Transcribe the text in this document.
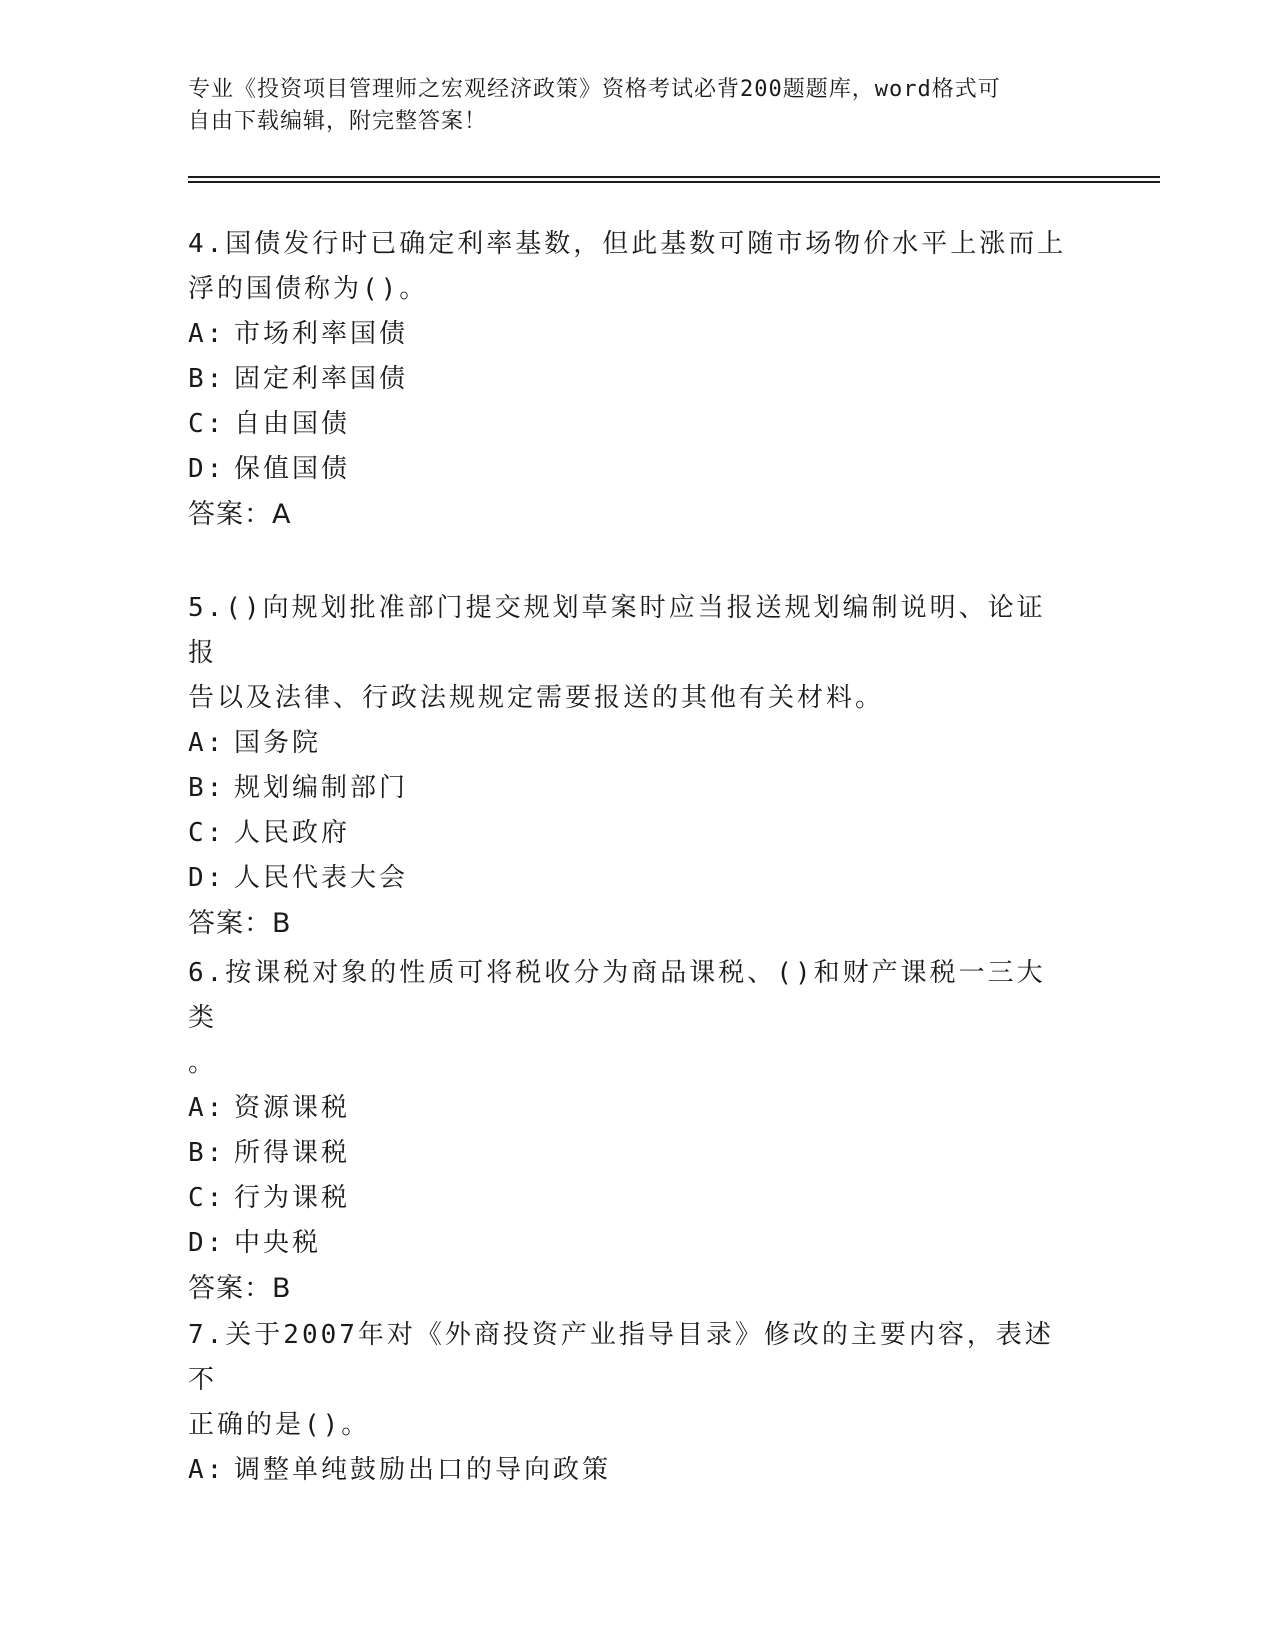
专业《投资项目管理师之宏观经济政策》资格考试必背200题题库，word格式可
自由下载编辑，附完整答案！
4.国债发行时已确定利率基数，但此基数可随市场物价水平上涨而上
浮的国债称为()。
A: 市场利率国债
B: 固定利率国债
C: 自由国债
D: 保值国债
答案：A
5.()向规划批准部门提交规划草案时应当报送规划编制说明、论证报
告以及法律、行政法规规定需要报送的其他有关材料。
A: 国务院
B: 规划编制部门
C: 人民政府
D: 人民代表大会
答案：B
6.按课税对象的性质可将税收分为商品课税、()和财产课税一三大类
。
A: 资源课税
B: 所得课税
C: 行为课税
D: 中央税
答案：B
7.关于2007年对《外商投资产业指导目录》修改的主要内容，表述不
正确的是()。
A: 调整单纯鼓励出口的导向政策
